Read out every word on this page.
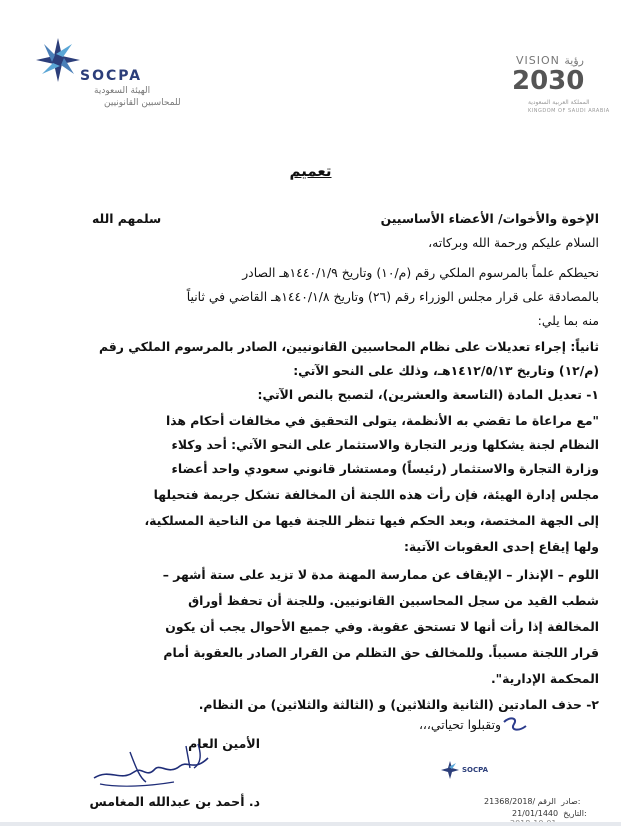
SOCPA
الهيئة السعودية
للمحاسبين القانونيين
VISION رؤية
2030
المملكة العربية السعودية
KINGDOM OF SAUDI ARABIA
تعميم
الإخوة والأخوات/ الأعضاء الأساسيين
سلمهم الله
السلام عليكم ورحمة الله وبركاته،
نحيطكم علماً بالمرسوم الملكي رقم (م/١٠) وتاريخ ١٤٤٠/١/٩هـ الصادر
بالمصادقة على قرار مجلس الوزراء رقم (٢٦) وتاريخ ١٤٤٠/١/٨هـ القاضي في ثانياً
منه بما يلي:
ثانياً: إجراء تعديلات على نظام المحاسبين القانونيين، الصادر بالمرسوم الملكي رقم
(م/١٢) وتاريخ ١٤١٢/٥/١٣هـ، وذلك على النحو الآتي:
١- تعديل المادة (التاسعة والعشرين)، لتصبح بالنص الآتي:
"مع مراعاة ما تقضي به الأنظمة، يتولى التحقيق في مخالفات أحكام هذا
النظام لجنة يشكلها وزير التجارة والاستثمار على النحو الآتي: أحد وكلاء
وزارة التجارة والاستثمار (رئيساً) ومستشار قانوني سعودي واحد أعضاء
مجلس إدارة الهيئة، فإن رأت هذه اللجنة أن المخالفة تشكل جريمة فتحيلها
إلى الجهة المختصة، وبعد الحكم فيها تنظر اللجنة فيها من الناحية المسلكية،
ولها إيقاع إحدى العقوبات الآتية:
اللوم – الإنذار – الإيقاف عن ممارسة المهنة مدة لا تزيد على ستة أشهر –
شطب القيد من سجل المحاسبين القانونيين. وللجنة أن تحفظ أوراق
المخالفة إذا رأت أنها لا تستحق عقوبة. وفي جميع الأحوال يجب أن يكون
قرار اللجنة مسبباً. وللمخالف حق التظلم من القرار الصادر بالعقوبة أمام
المحكمة الإدارية".
٢- حذف المادتين (الثانية والثلاثين) و (الثالثة والثلاثين) من النظام.
وتقبلوا تحياتي،،،
الأمين العام
د. أحمد بن عبدالله المغامس
SOCPA
21368/2018/ صادر  الرقم:
21/01/1440 التاريخ:
